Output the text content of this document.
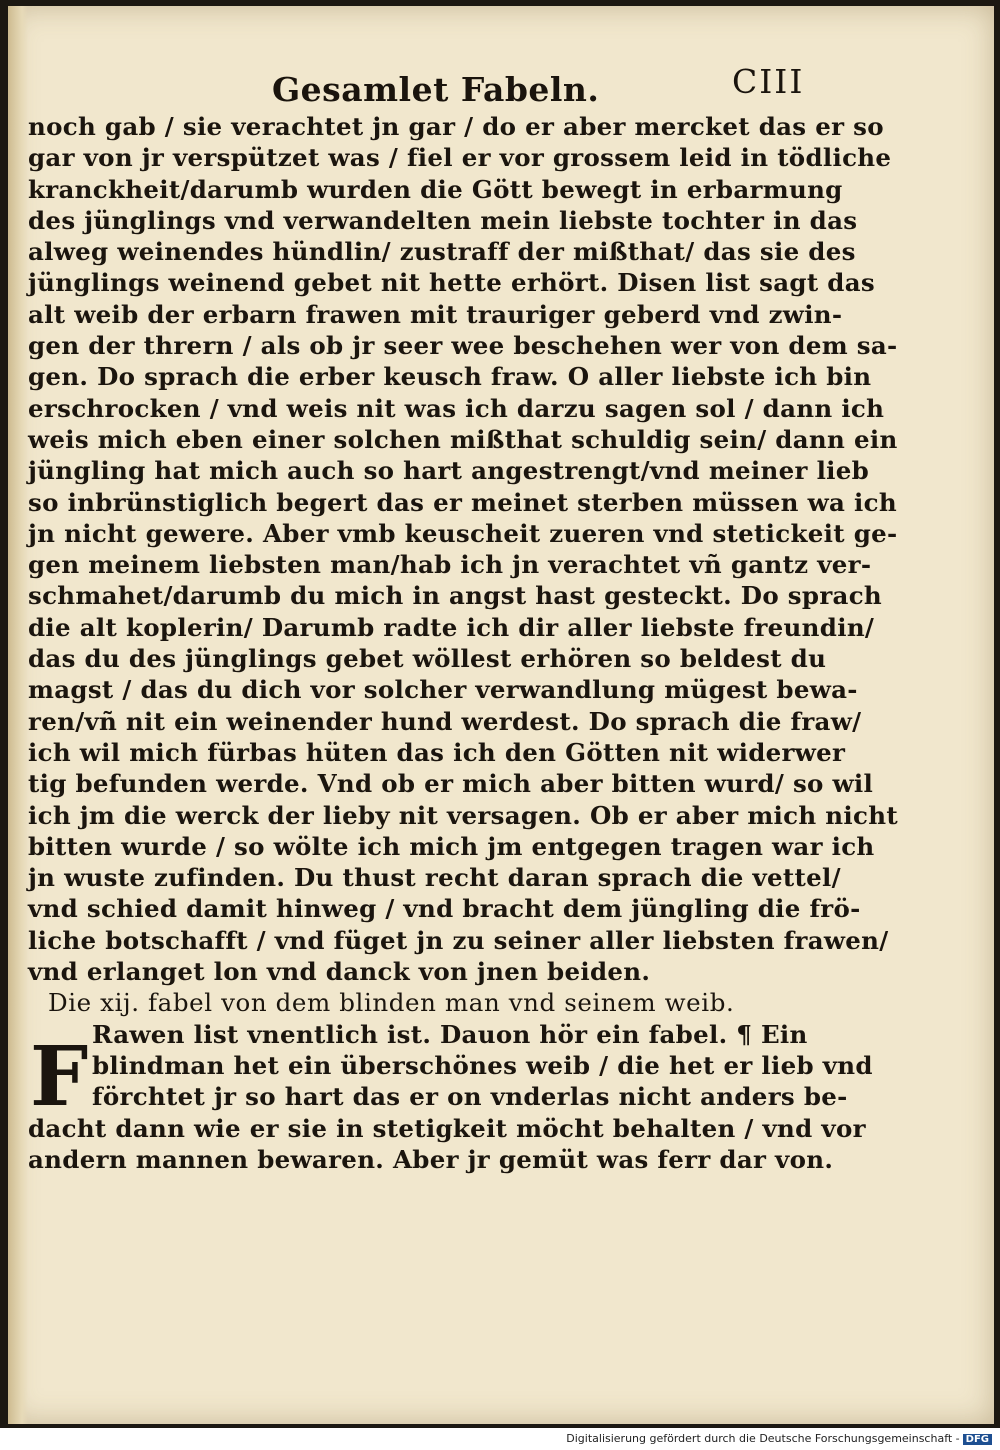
Gesamlet Fabeln.	CIII
noch gab / sie verachtet jn gar / do er aber mercket das er so
gar von jr verspützet was / fiel er vor grossem leid in tödliche
kranckheit/darumb wurden die Gött bewegt in erbarmung
des jünglings vnd verwandelten mein liebste tochter in das
alweg weinendes hündlin/ zustraff der mißthat/ das sie des
jünglings weinend gebet nit hette erhört. Disen list sagt das
alt weib der erbarn frawen mit trauriger geberd vnd zwin-
gen der thrern / als ob jr seer wee beschehen wer von dem sa-
gen. Do sprach die erber keusch fraw. O aller liebste ich bin
erschrocken / vnd weis nit was ich darzu sagen sol / dann ich
weis mich eben einer solchen mißthat schuldig sein/ dann ein
jüngling hat mich auch so hart angestrengt/vnd meiner lieb
so inbrünstiglich begert das er meinet sterben müssen wa ich
jn nicht gewere. Aber vmb keuscheit zueren vnd stetickeit ge-
gen meinem liebsten man/hab ich jn verachtet vñ gantz ver-
schmahet/darumb du mich in angst hast gesteckt. Do sprach
die alt koplerin/ Darumb radte ich dir aller liebste freundin/
das du des jünglings gebet wöllest erhören so beldest du
magst / das du dich vor solcher verwandlung mügest bewa-
ren/vñ nit ein weinender hund werdest. Do sprach die fraw/
ich wil mich fürbas hüten das ich den Götten nit widerwer
tig befunden werde. Vnd ob er mich aber bitten wurd/ so wil
ich jm die werck der lieby nit versagen. Ob er aber mich nicht
bitten wurde / so wölte ich mich jm entgegen tragen war ich
jn wuste zufinden. Du thust recht daran sprach die vettel/
vnd schied damit hinweg / vnd bracht dem jüngling die frö-
liche botschafft / vnd füget jn zu seiner aller liebsten frawen/
vnd erlanget lon vnd danck von jnen beiden.
Die xij. fabel von dem blinden man vnd seinem weib.
Rawen list vnentlich ist. Dauon hör ein fabel. ¶ Ein
blindman het ein überschönes weib / die het er lieb vnd
förchtet jr so hart das er on vnderlas nicht anders be-
dacht dann wie er sie in stetigkeit möcht behalten / vnd vor
andern mannen bewaren. Aber jr gemüt was ferr dar von.
F
Digitalisierung gefördert durch die Deutsche Forschungsgemeinschaft - DFG
